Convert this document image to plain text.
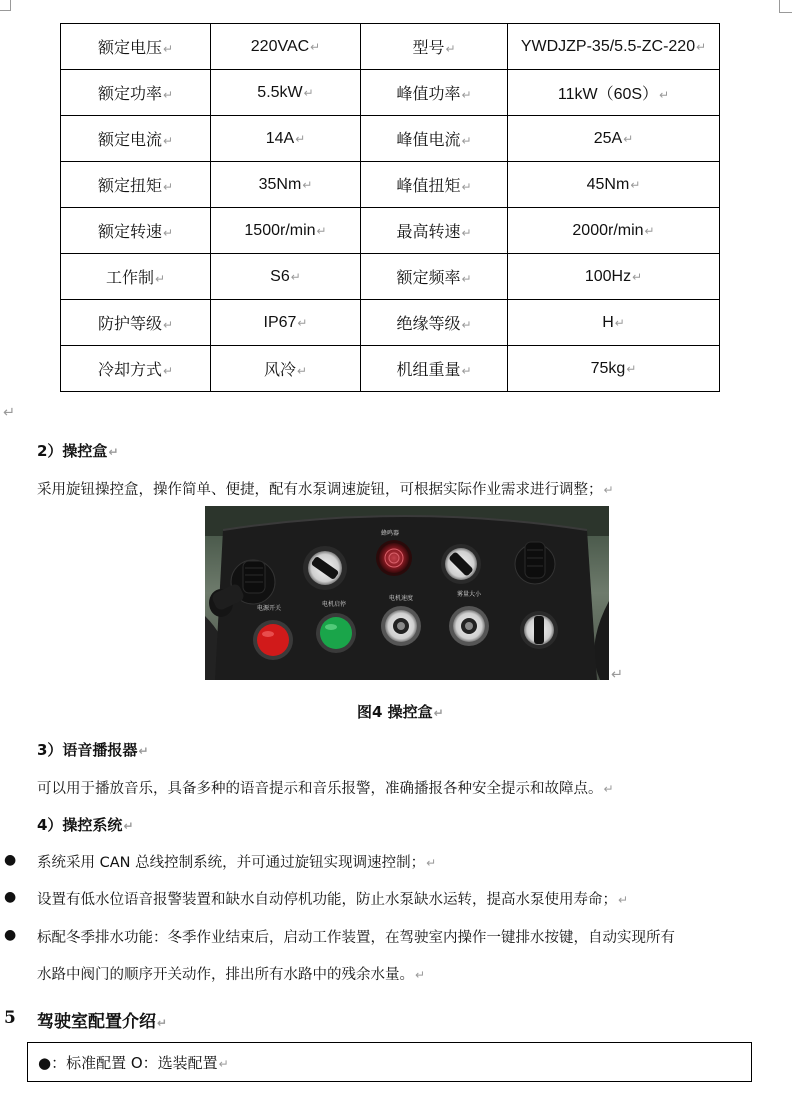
额定电压↵	220VAC↵	型号↵	YWDJZP-35/5.5-ZC-220↵
额定功率↵	5.5kW↵	峰值功率↵	11kW（60S）↵
额定电流↵	14A↵	峰值电流↵	25A↵
额定扭矩↵	35Nm↵	峰值扭矩↵	45Nm↵
额定转速↵	1500r/min↵	最高转速↵	2000r/min↵
工作制↵	S6↵	额定频率↵	100Hz↵
防护等级↵	IP67↵	绝缘等级↵	H↵
冷却方式↵	风冷↵	机组重量↵	75kg↵
↵
2）操控盒↵
采用旋钮操控盒，操作简单、便捷，配有水泵调速旋钮，可根据实际作业需求进行调整；↵
蜂鸣器
电源开关
电机启停
电机速度
雾量大小
↵
图4 操控盒↵
3）语音播报器↵
可以用于播放音乐，具备多种的语音提示和音乐报警，准确播报各种安全提示和故障点。↵
4）操控系统↵
● 系统采用 CAN 总线控制系统，并可通过旋钮实现调速控制；↵
● 设置有低水位语音报警装置和缺水自动停机功能，防止水泵缺水运转，提高水泵使用寿命；↵
● 标配冬季排水功能：冬季作业结束后，启动工作装置，在驾驶室内操作一键排水按键，自动实现所有
水路中阀门的顺序开关动作，排出所有水路中的残余水量。↵
5 驾驶室配置介绍↵
●：标准配置 O：选装配置↵
